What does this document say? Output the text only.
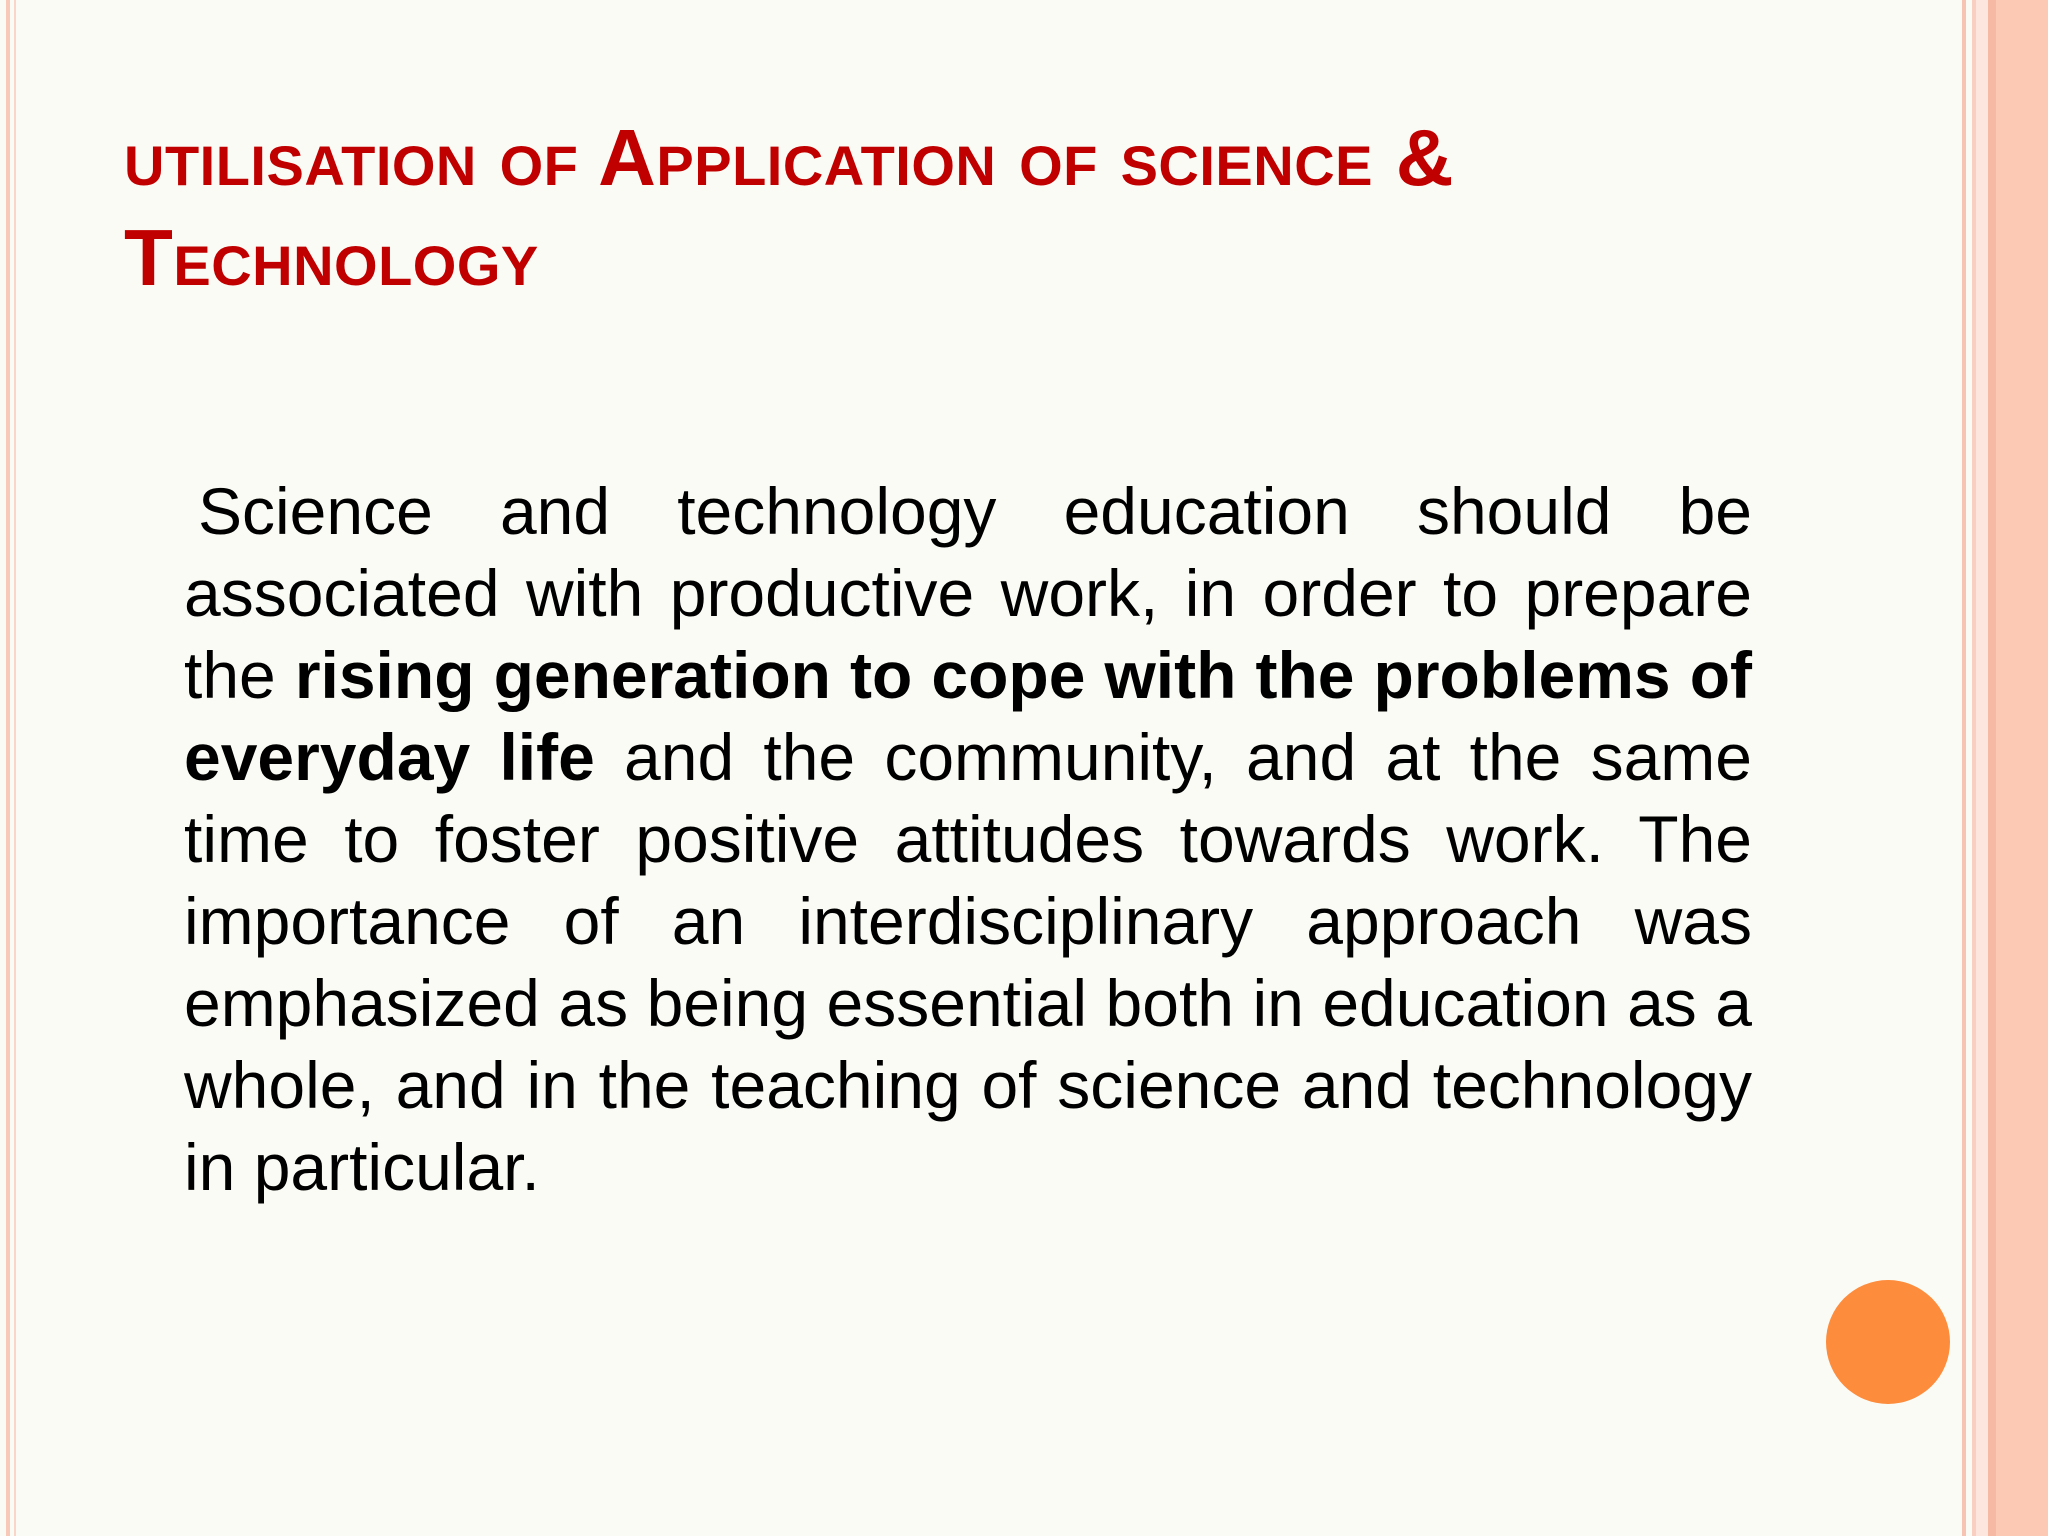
utilisation of Application of science & Technology

Science and technology education should be associated with productive work, in order to prepare the rising generation to cope with the problems of everyday life and the community, and at the same time to foster positive attitudes towards work. The importance of an interdisciplinary approach was emphasized as being essential both in education as a whole, and in the teaching of science and technology in particular.
